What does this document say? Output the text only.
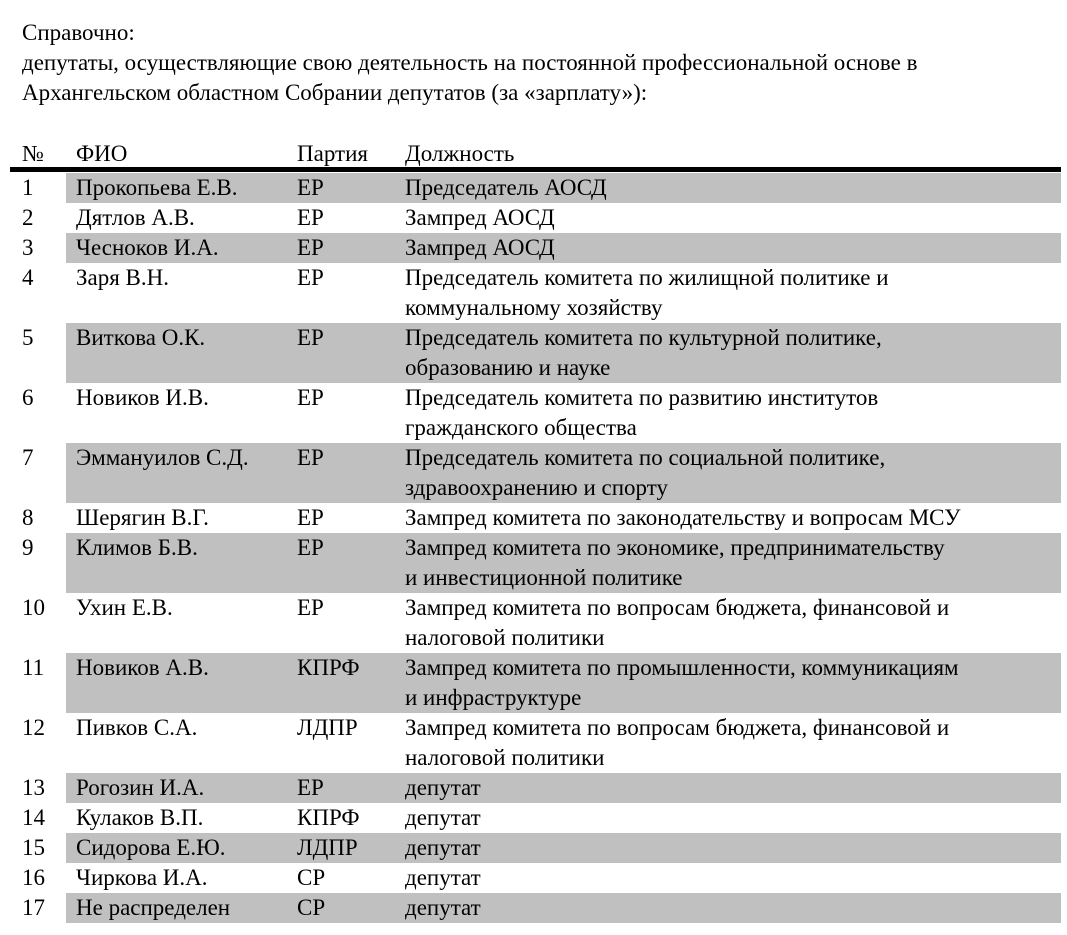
Справочно:
депутаты, осуществляющие свою деятельность на постоянной профессиональной основе в
Архангельском областном Собрании депутатов (за «зарплату»):
№ ФИО	Партия Должность
1 Прокопьева Е.В.	ЕР	Председатель АОСД
2 Дятлов А.В.	ЕР	Зампред АОСД
3 Чесноков И.А.	ЕР	Зампред АОСД
4 Заря В.Н.	ЕР	Председатель комитета по жилищной политике и
коммунальному хозяйству
5 Виткова О.К.	ЕР	Председатель комитета по культурной политике,
образованию и науке
6 Новиков И.В.	ЕР	Председатель комитета по развитию институтов
гражданского общества
7 Эммануилов С.Д. ЕР	Председатель комитета по социальной политике,
здравоохранению и спорту
8 Шерягин В.Г.	ЕР	Зампред комитета по законодательству и вопросам МСУ
9 Климов Б.В.	ЕР	Зампред комитета по экономике, предпринимательству
и инвестиционной политике
10 Ухин Е.В.	ЕР	Зампред комитета по вопросам бюджета, финансовой и
налоговой политики
11 Новиков А.В.	КПРФ Зампред комитета по промышленности, коммуникациям
и инфраструктуре
12 Пивков С.А.	ЛДПР Зампред комитета по вопросам бюджета, финансовой и
налоговой политики
13 Рогозин И.А.	ЕР	депутат
14 Кулаков В.П.	КПРФ депутат
15 Сидорова Е.Ю.	ЛДПР депутат
16 Чиркова И.А.	СР	депутат
17 Не распределен	СР	депутат
